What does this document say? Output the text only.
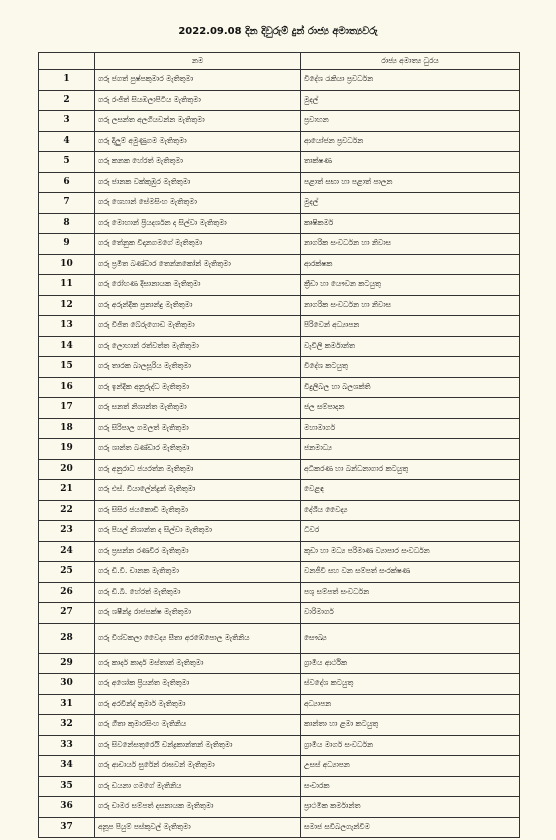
2022.09.08 දින දිවුරුම් දුන් රාජ්‍ය අමාත්‍යවරු
	නම	රාජ්‍ය අමාත්‍ය ධුරය
1	ගරු ජගත් පුෂ්පකුමාර මැතිතුමා	විදේශ රැකියා ප්‍රවර්ධන
2	ගරු රංජිත් සියඹලාපිටිය මැතිතුමා	මුදල්
3	ගරු ලසන්ත අලගියවන්න මැතිතුමා	ප්‍රවාහන
4	ගරු දිලුම් අමුණුගම මැතිතුමා	ආයෝජන ප්‍රවර්ධන
5	ගරු කනක හේරත් මැතිතුමා	තාක්ෂණ
6	ගරු ජානක වක්කුඹුර මැතිතුමා	පළාත් සභා හා පළාත් පාලන
7	ගරු ශෙහාන් සේමසිංහ මැතිතුමා	මුදල්
8	ගරු මොහාන් ප්‍රියදර්ශන ද සිල්වා මැතිතුමා	කෘෂිකර්ම
9	ගරු තේනුක විදානගමගේ මැතිතුමා	නාගරික සංවර්ධන හා නිවාස
10	ගරු ප්‍රමිත බණ්ඩාර තෙන්නකෝන් මැතිතුමා	ආරක්ෂක
11	ගරු රෝහණ දිසානායක මැතිතුමා	ක්‍රීඩා හා යෞවන කටයුතු
12	ගරු අරුන්දික ප්‍රනාන්දු මැතිතුමා	නාගරික සංවර්ධන හා නිවාස
13	ගරු විජිත බේරුගොඩ මැතිතුමා	පිරිවෙන් අධ්‍යාපන
14	ගරු ලොහාන් රත්වත්ත මැතිතුමා	වැවිලි කර්මාන්ත
15	ගරු තාරක බාලසූරිය මැතිතුමා	විදේශ කටයුතු
16	ගරු ඉන්දික අනුරුද්ධ මැතිතුමා	විදුලිබල හා බලශක්ති
17	ගරු සනත් නිශාන්ත මැතිතුමා	ජල සම්පාදන
18	ගරු සිරිපාල ගමලත් මැතිතුමා	මහාමාර්ග
19	ගරු ශාන්ත බණ්ඩාර මැතිතුමා	ජනමාධ්‍ය
20	ගරු අනුරාධ ජයරත්න මැතිතුමා	අධිකරණ හා බන්ධනාගාර කටයුතු
21	ගරු එස්. වියාලේන්ද්‍රන් මැතිතුමා	වෙළඳ
22	ගරු සිසිර ජයකොඩි මැතිතුමා	දේශීය වෛද්‍ය
23	ගරු පියල් නිශාන්ත ද සිල්වා මැතිතුමා	ධීවර
24	ගරු ප්‍රසන්න රණවීර මැතිතුමා	කුඩා හා මධ්‍ය පරිමාණ ව්‍යාපාර සංවර්ධන
25	ගරු ඩී.වී. චානක මැතිතුමා	වනජීවී සහ වන සම්පත් සංරක්ෂණ
26	ගරු ඩී.බී. හේරත් මැතිතුමා	පශු සම්පත් සංවර්ධන
27	ගරු ශෂීන්ද්‍ර රාජපක්ෂ මැතිතුමා	වාරිමාර්ග
28	ගරු විශ්වකලා වෛද්‍ය සීතා අරඹේපොල මැතිනිය	සෞඛ්‍ය
29	ගරු කාදර් කාදර් මස්තාන් මැතිතුමා	ග්‍රාමීය ආර්ථික
30	ගරු අශෝක ප්‍රියන්ත මැතිතුමා	ස්වදේශ කටයුතු
31	ගරු අරවින්ද් කුමාර් මැතිතුමා	අධ්‍යාපන
32	ගරු ගීතා කුමාරසිංහ මැතිනිය	කාන්තා හා ළමා කටයුතු
33	ගරු සිවනේසතුරෙයි චන්ද්‍රකාන්තන් මැතිතුමා	ග්‍රාමීය මාර්ග සංවර්ධන
34	ගරු ආචාර්ය සුරේන් රාඝවන් මැතිතුමා	උසස් අධ්‍යාපන
35	ගරු ඩයනා ගමගේ මැතිනිය	සංචාරක
36	ගරු චාමර සම්පත් දසනායක මැතිතුමා	ප්‍රාථමික කර්මාන්ත
37	අනූප පියුම් පස්කුවල් මැතිතුමා	සමාජ සවිබලගැන්වීම
